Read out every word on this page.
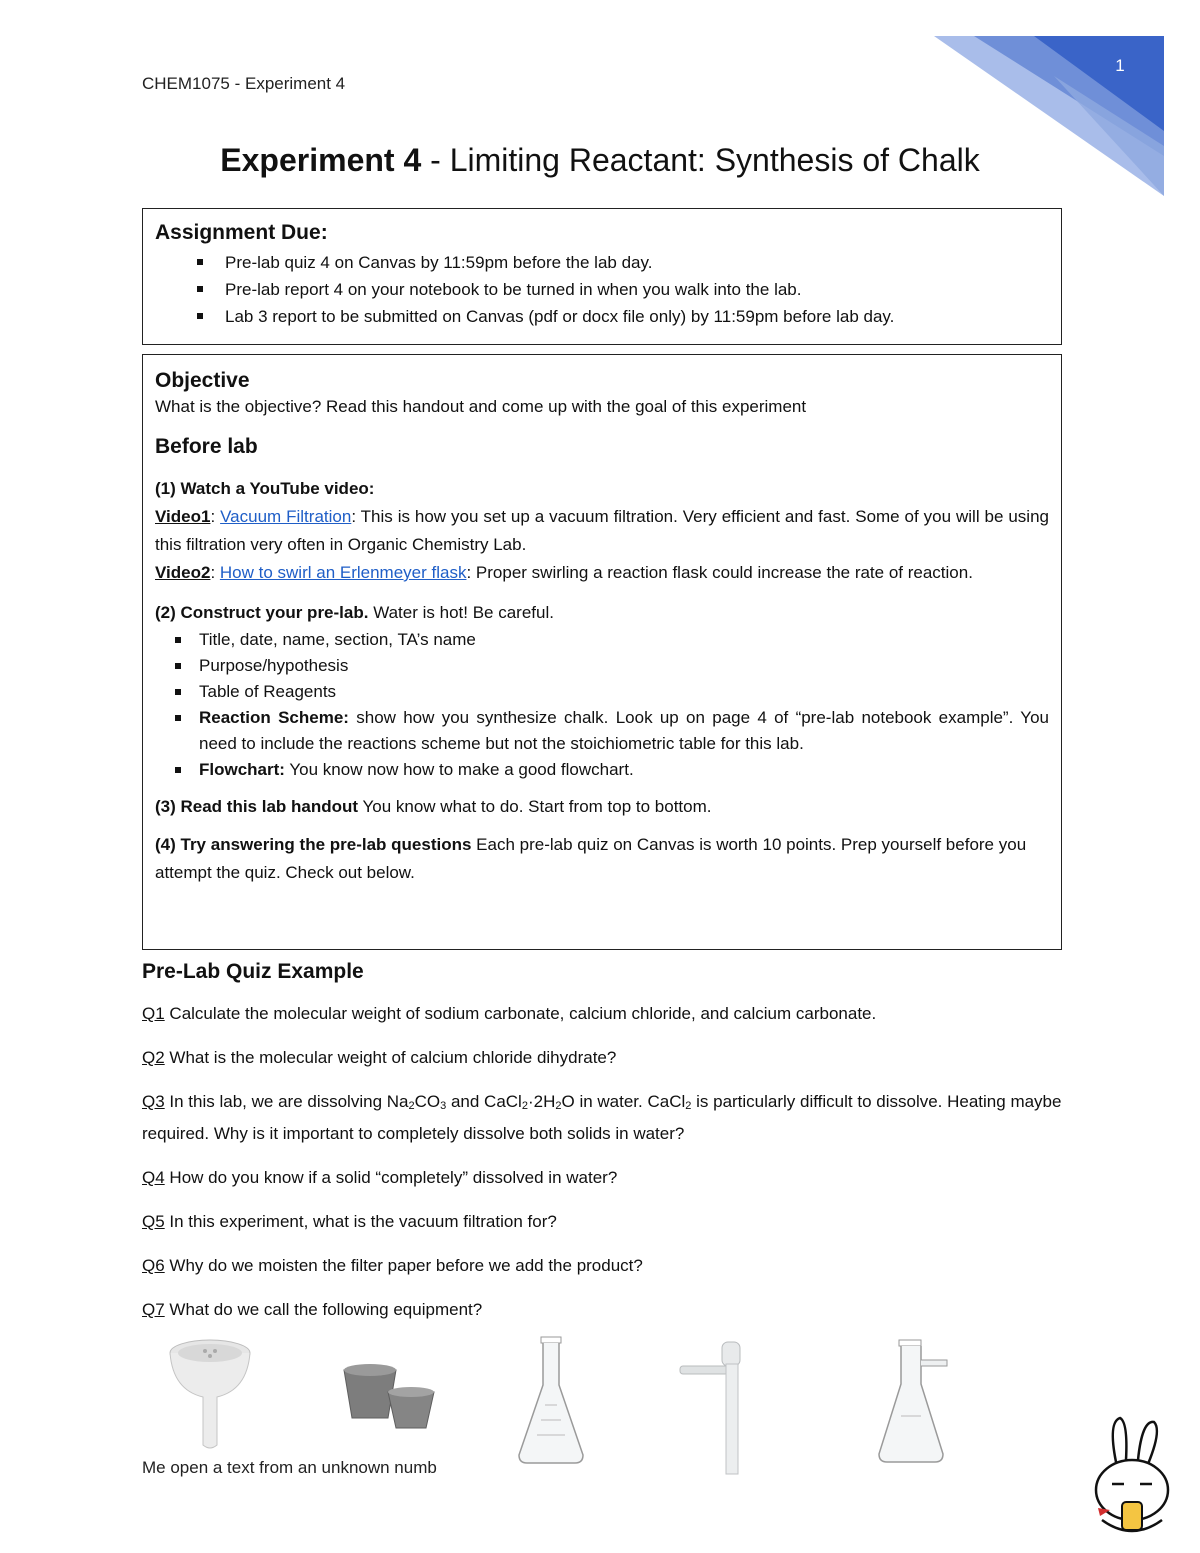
1
CHEM1075 - Experiment 4
Experiment 4 - Limiting Reactant: Synthesis of Chalk

Assignment Due:

Pre-lab quiz 4 on Canvas by 11:59pm before the lab day.
Pre-lab report 4 on your notebook to be turned in when you walk into the lab.
Lab 3 report to be submitted on Canvas (pdf or docx file only) by 11:59pm before lab day.

Objective

What is the objective? Read this handout and come up with the goal of this experiment

Before lab

(1) Watch a YouTube video:

Video1: Vacuum Filtration: This is how you set up a vacuum filtration. Very efficient and fast. Some of you will be using this filtration very often in Organic Chemistry Lab.

Video2: How to swirl an Erlenmeyer flask: Proper swirling a reaction flask could increase the rate of reaction.

(2) Construct your pre-lab. Water is hot! Be careful.

Title, date, name, section, TA’s name
Purpose/hypothesis
Table of Reagents
Reaction Scheme: show how you synthesize chalk. Look up on page 4 of “pre-lab notebook example”. You need to include the reactions scheme but not the stoichiometric table for this lab.
Flowchart: You know now how to make a good flowchart.

(3) Read this lab handout You know what to do. Start from top to bottom.

(4) Try answering the pre-lab questions Each pre-lab quiz on Canvas is worth 10 points. Prep yourself before you attempt the quiz. Check out below.

Pre-Lab Quiz Example

Q1 Calculate the molecular weight of sodium carbonate, calcium chloride, and calcium carbonate.

Q2 What is the molecular weight of calcium chloride dihydrate?

Q3 In this lab, we are dissolving Na2CO3 and CaCl2·2H2O in water. CaCl2 is particularly difficult to dissolve. Heating maybe required. Why is it important to completely dissolve both solids in water?

Q4 How do you know if a solid “completely” dissolved in water?

Q5 In this experiment, what is the vacuum filtration for?

Q6 Why do we moisten the filter paper before we add the product?

Q7 What do we call the following equipment?

Me open a text from an unknown numb
